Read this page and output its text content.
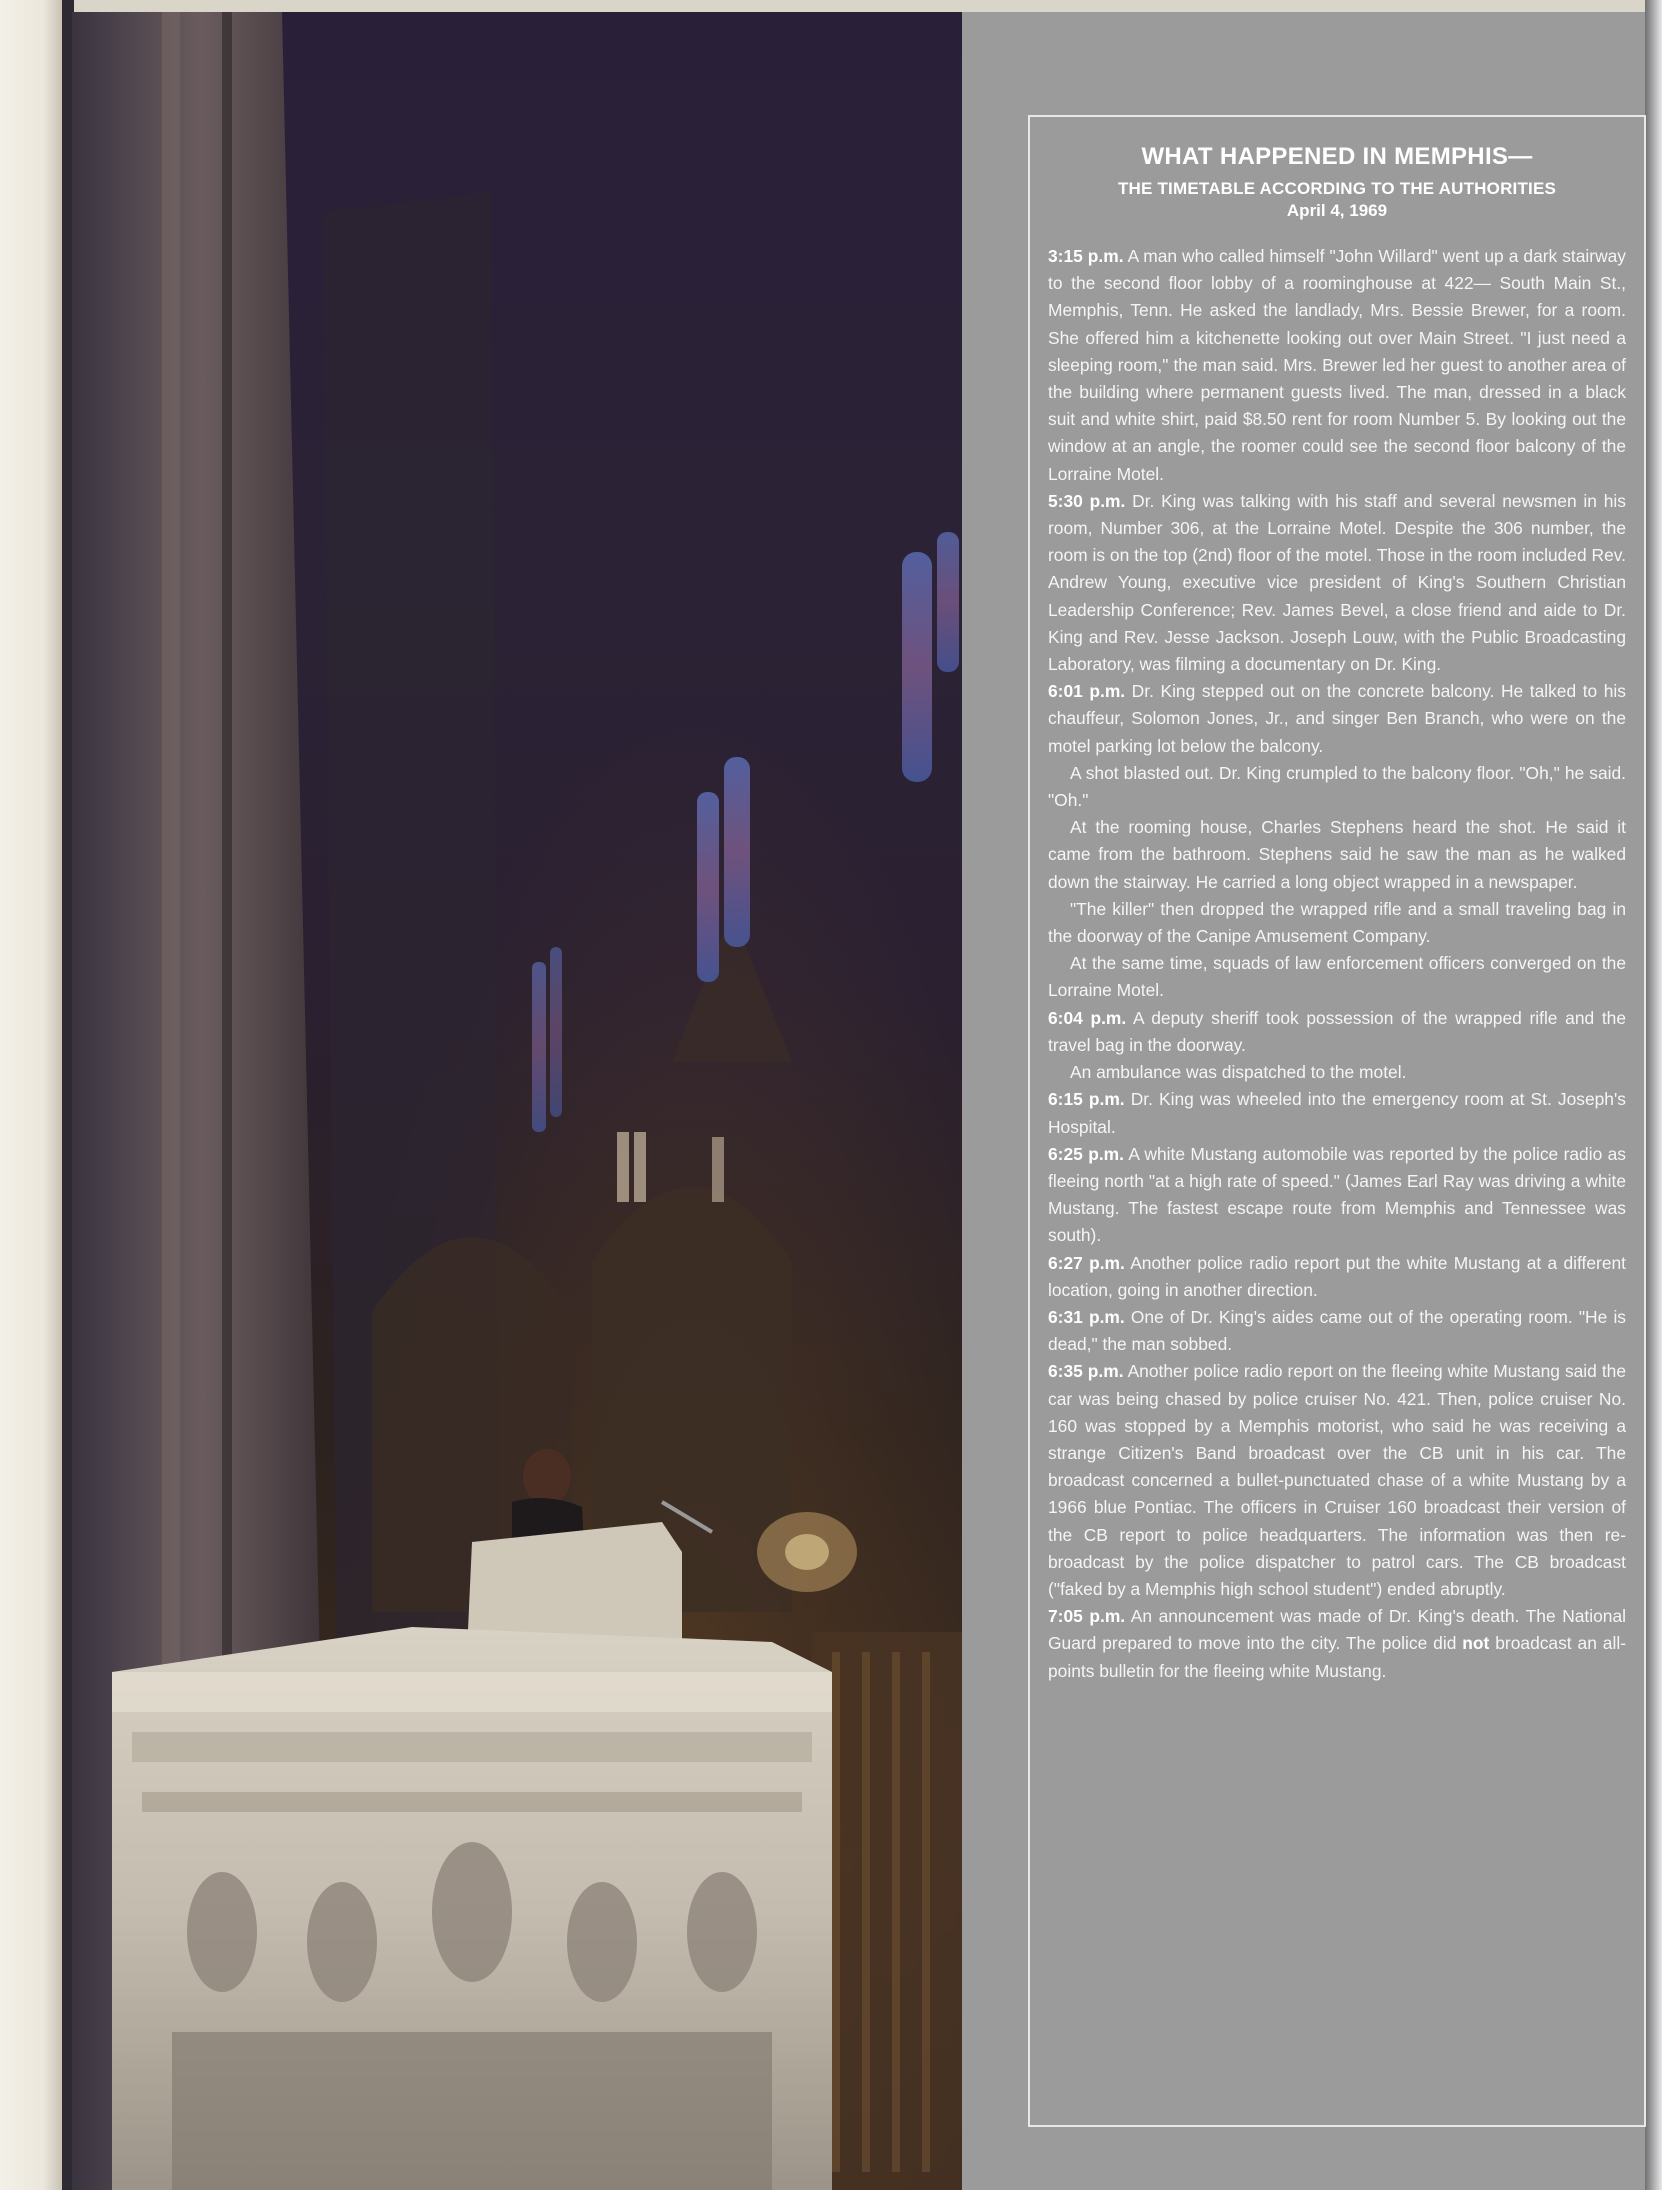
WHAT HAPPENED IN MEMPHIS—
THE TIMETABLE ACCORDING TO THE AUTHORITIES
April 4, 1969

3:15 p.m. A man who called himself "John Willard" went up a dark stairway to the second floor lobby of a roominghouse at 422— South Main St., Memphis, Tenn. He asked the landlady, Mrs. Bessie Brewer, for a room. She offered him a kitchenette looking out over Main Street. "I just need a sleeping room," the man said. Mrs. Brewer led her guest to another area of the building where permanent guests lived. The man, dressed in a black suit and white shirt, paid $8.50 rent for room Number 5. By looking out the window at an angle, the roomer could see the second floor balcony of the Lorraine Motel.

5:30 p.m. Dr. King was talking with his staff and several newsmen in his room, Number 306, at the Lorraine Motel. Despite the 306 number, the room is on the top (2nd) floor of the motel. Those in the room included Rev. Andrew Young, executive vice president of King's Southern Christian Leadership Conference; Rev. James Bevel, a close friend and aide to Dr. King and Rev. Jesse Jackson. Joseph Louw, with the Public Broadcasting Laboratory, was filming a documentary on Dr. King.

6:01 p.m. Dr. King stepped out on the concrete balcony. He talked to his chauffeur, Solomon Jones, Jr., and singer Ben Branch, who were on the motel parking lot below the balcony.

A shot blasted out. Dr. King crumpled to the balcony floor. "Oh," he said. "Oh."

At the rooming house, Charles Stephens heard the shot. He said it came from the bathroom. Stephens said he saw the man as he walked down the stairway. He carried a long object wrapped in a newspaper.

"The killer" then dropped the wrapped rifle and a small traveling bag in the doorway of the Canipe Amusement Company.

At the same time, squads of law enforcement officers converged on the Lorraine Motel.

6:04 p.m. A deputy sheriff took possession of the wrapped rifle and the travel bag in the doorway.

An ambulance was dispatched to the motel.

6:15 p.m. Dr. King was wheeled into the emergency room at St. Joseph's Hospital.

6:25 p.m. A white Mustang automobile was reported by the police radio as fleeing north "at a high rate of speed." (James Earl Ray was driving a white Mustang. The fastest escape route from Memphis and Tennessee was south).

6:27 p.m. Another police radio report put the white Mustang at a different location, going in another direction.

6:31 p.m. One of Dr. King's aides came out of the operating room. "He is dead," the man sobbed.

6:35 p.m. Another police radio report on the fleeing white Mustang said the car was being chased by police cruiser No. 421. Then, police cruiser No. 160 was stopped by a Memphis motorist, who said he was receiving a strange Citizen's Band broadcast over the CB unit in his car. The broadcast concerned a bullet-punctuated chase of a white Mustang by a 1966 blue Pontiac. The officers in Cruiser 160 broadcast their version of the CB report to police headquarters. The information was then re-broadcast by the police dispatcher to patrol cars. The CB broadcast ("faked by a Memphis high school student") ended abruptly.

7:05 p.m. An announcement was made of Dr. King's death. The National Guard prepared to move into the city. The police did not broadcast an all-points bulletin for the fleeing white Mustang.
